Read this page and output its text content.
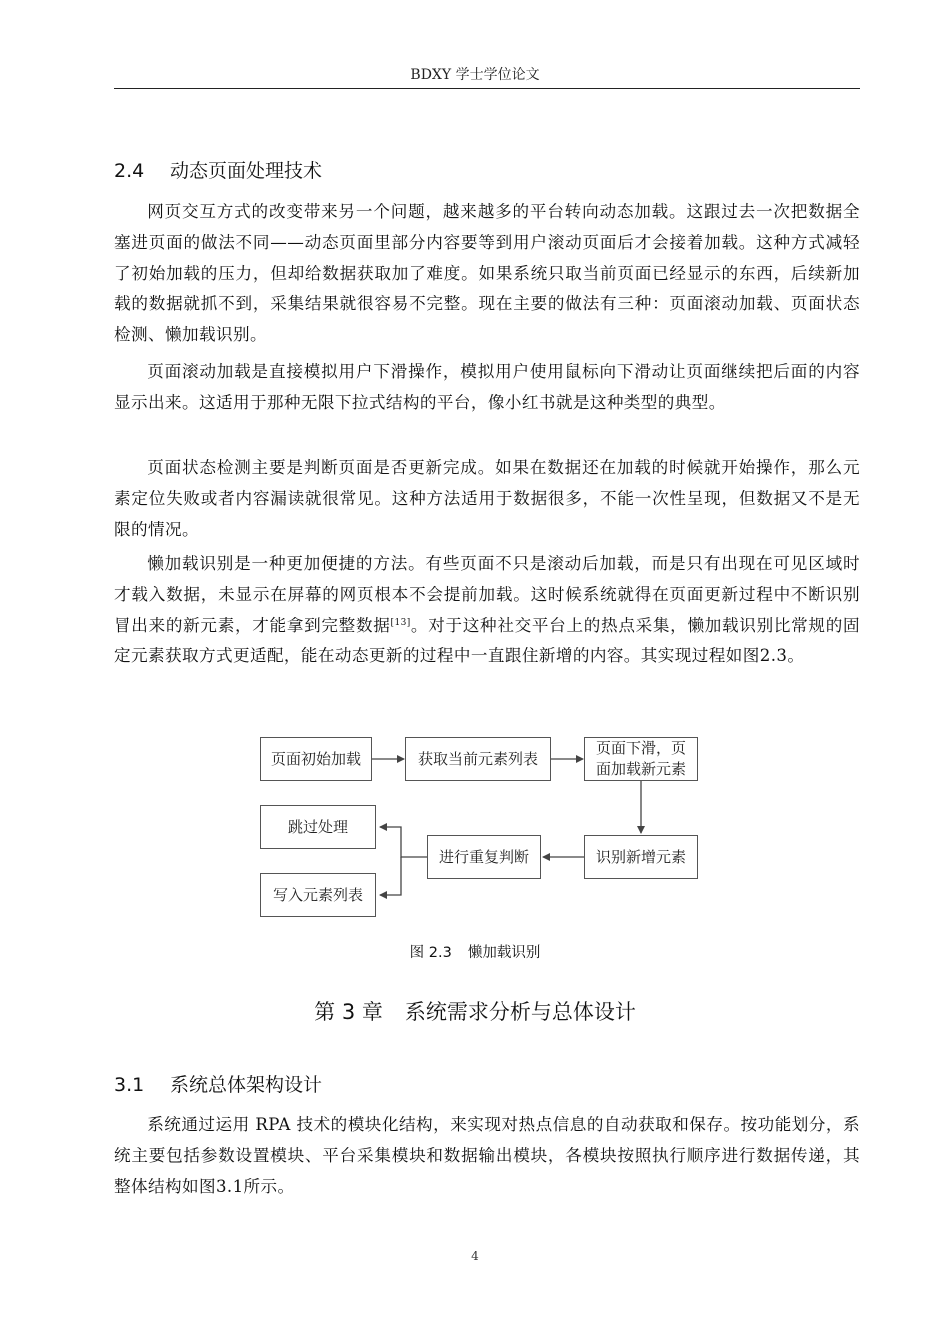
BDXY 学士学位论文
2.4 动态页面处理技术

网页交互方式的改变带来另一个问题，越来越多的平台转向动态加载。这跟过去一次把数据全塞进页面的做法不同——动态页面里部分内容要等到用户滚动页面后才会接着加载。这种方式减轻了初始加载的压力，但却给数据获取加了难度。如果系统只取当前页面已经显示的东西，后续新加载的数据就抓不到，采集结果就很容易不完整。现在主要的做法有三种：页面滚动加载、页面状态检测、懒加载识别。

页面滚动加载是直接模拟用户下滑操作，模拟用户使用鼠标向下滑动让页面继续把后面的内容显示出来。这适用于那种无限下拉式结构的平台，像小红书就是这种类型的典型。

页面状态检测主要是判断页面是否更新完成。如果在数据还在加载的时候就开始操作，那么元素定位失败或者内容漏读就很常见。这种方法适用于数据很多，不能一次性呈现，但数据又不是无限的情况。

懒加载识别是一种更加便捷的方法。有些页面不只是滚动后加载，而是只有出现在可见区域时才载入数据，未显示在屏幕的网页根本不会提前加载。这时候系统就得在页面更新过程中不断识别冒出来的新元素，才能拿到完整数据[13]。对于这种社交平台上的热点采集，懒加载识别比常规的固定元素获取方式更适配，能在动态更新的过程中一直跟住新增的内容。其实现过程如图2.3。

页面初始加载	获取当前元素列表
页面下滑，页
面加载新元素
识别新增元素
进行重复判断
跳过处理
写入元素列表
图 2.3 懒加载识别
第 3 章 系统需求分析与总体设计
3.1 系统总体架构设计

系统通过运用 RPA 技术的模块化结构，来实现对热点信息的自动获取和保存。按功能划分，系统主要包括参数设置模块、平台采集模块和数据输出模块，各模块按照执行顺序进行数据传递，其整体结构如图3.1所示。

4
